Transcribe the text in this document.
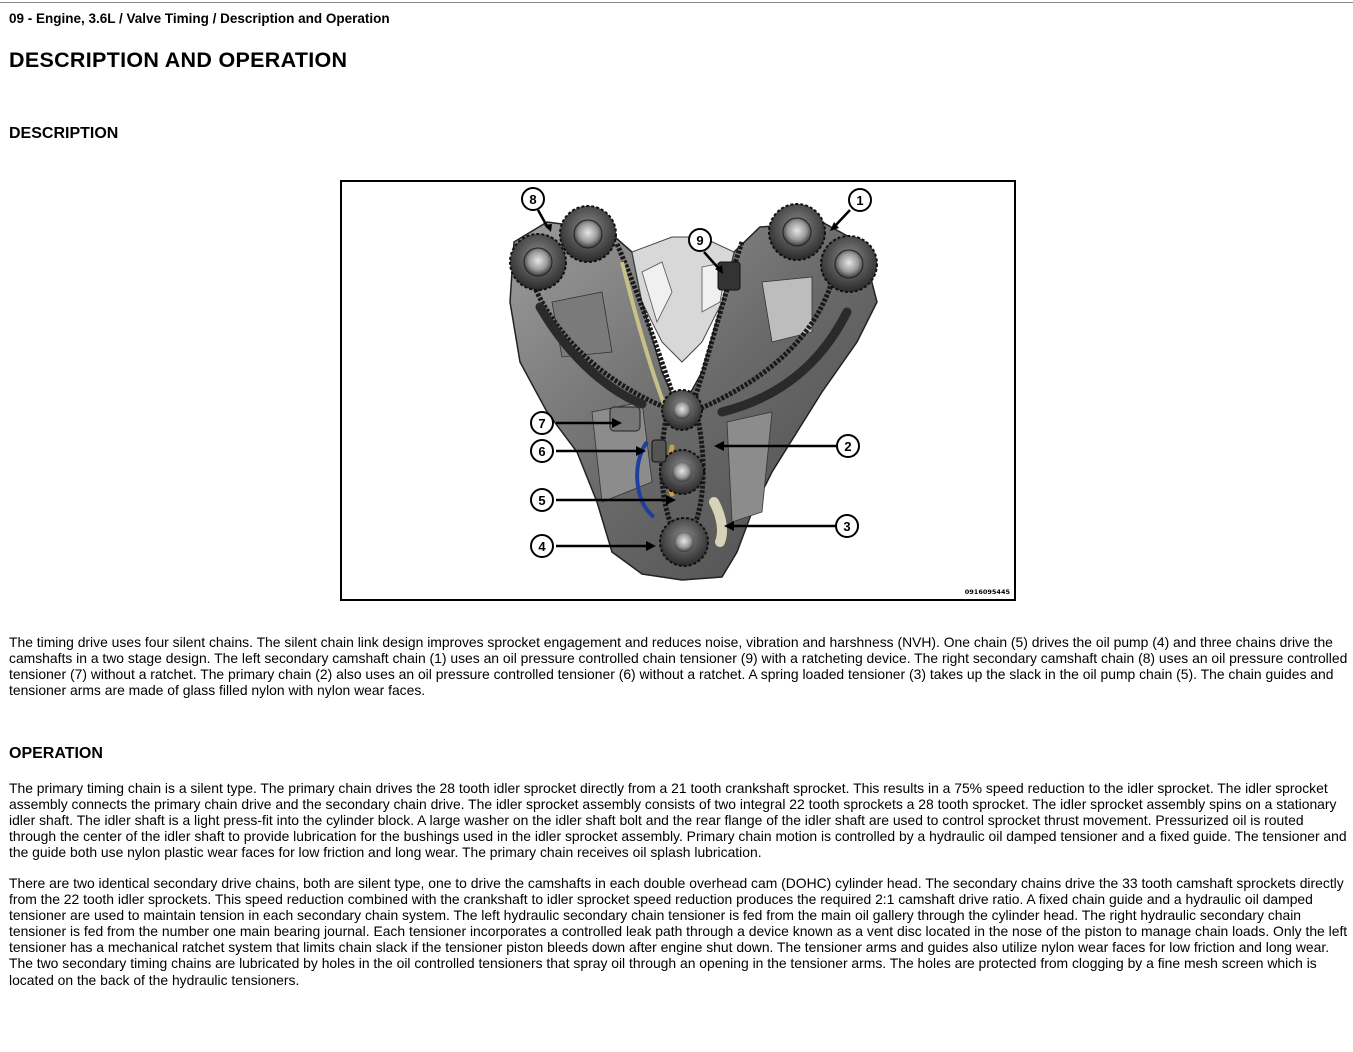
09 - Engine, 3.6L / Valve Timing / Description and Operation
DESCRIPTION AND OPERATION
DESCRIPTION
1
2
3
4
5
6
7
8
9
0916095445

The timing drive uses four silent chains. The silent chain link design improves sprocket engagement and reduces noise, vibration and harshness (NVH). One chain (5) drives the oil pump (4) and three chains drive the camshafts in a two stage design. The left secondary camshaft chain (1) uses an oil pressure controlled chain tensioner (9) with a ratcheting device. The right secondary camshaft chain (8) uses an oil pressure controlled tensioner (7) without a ratchet. The primary chain (2) also uses an oil pressure controlled tensioner (6) without a ratchet. A spring loaded tensioner (3) takes up the slack in the oil pump chain (5). The chain guides and tensioner arms are made of glass filled nylon with nylon wear faces.

OPERATION

The primary timing chain is a silent type. The primary chain drives the 28 tooth idler sprocket directly from a 21 tooth crankshaft sprocket. This results in a 75% speed reduction to the idler sprocket. The idler sprocket assembly connects the primary chain drive and the secondary chain drive. The idler sprocket assembly consists of two integral 22 tooth sprockets a 28 tooth sprocket. The idler sprocket assembly spins on a stationary idler shaft. The idler shaft is a light press-fit into the cylinder block. A large washer on the idler shaft bolt and the rear flange of the idler shaft are used to control sprocket thrust movement. Pressurized oil is routed through the center of the idler shaft to provide lubrication for the bushings used in the idler sprocket assembly. Primary chain motion is controlled by a hydraulic oil damped tensioner and a fixed guide. The tensioner and the guide both use nylon plastic wear faces for low friction and long wear. The primary chain receives oil splash lubrication.

There are two identical secondary drive chains, both are silent type, one to drive the camshafts in each double overhead cam (DOHC) cylinder head. The secondary chains drive the 33 tooth camshaft sprockets directly from the 22 tooth idler sprockets. This speed reduction combined with the crankshaft to idler sprocket speed reduction produces the required 2:1 camshaft drive ratio. A fixed chain guide and a hydraulic oil damped tensioner are used to maintain tension in each secondary chain system. The left hydraulic secondary chain tensioner is fed from the main oil gallery through the cylinder head. The right hydraulic secondary chain tensioner is fed from the number one main bearing journal. Each tensioner incorporates a controlled leak path through a device known as a vent disc located in the nose of the piston to manage chain loads. Only the left tensioner has a mechanical ratchet system that limits chain slack if the tensioner piston bleeds down after engine shut down. The tensioner arms and guides also utilize nylon wear faces for low friction and long wear. The two secondary timing chains are lubricated by holes in the oil controlled tensioners that spray oil through an opening in the tensioner arms. The holes are protected from clogging by a fine mesh screen which is located on the back of the hydraulic tensioners.
